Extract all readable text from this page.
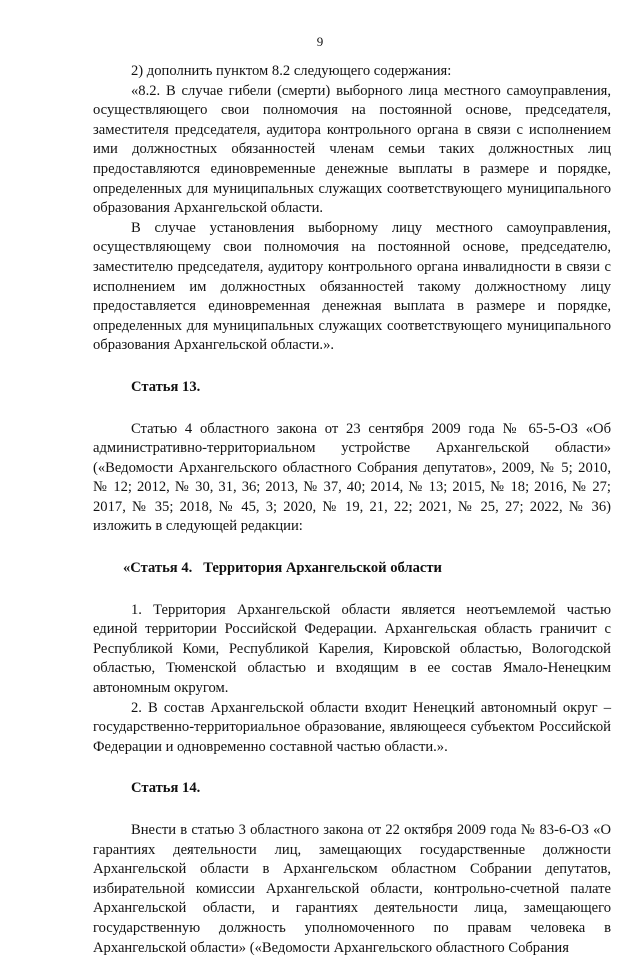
9

2) дополнить пунктом 8.2 следующего содержания:

«8.2. В случае гибели (смерти) выборного лица местного самоуправления, осуществляющего свои полномочия на постоянной основе, председателя, заместителя председателя, аудитора контрольного органа в связи с исполнением ими должностных обязанностей членам семьи таких должностных лиц предоставляются единовременные денежные выплаты в размере и порядке, определенных для муниципальных служащих соответствующего муниципального образования Архангельской области.

В случае установления выборному лицу местного самоуправления, осуществляющему свои полномочия на постоянной основе, председателю, заместителю председателя, аудитору контрольного органа инвалидности в связи с исполнением им должностных обязанностей такому должностному лицу предоставляется единовременная денежная выплата в размере и порядке, определенных для муниципальных служащих соответствующего муниципального образования Архангельской области.».

Статья 13.

Статью 4 областного закона от 23 сентября 2009 года № 65-5-ОЗ «Об административно-территориальном устройстве Архангельской области» («Ведомости Архангельского областного Собрания депутатов», 2009, № 5; 2010, № 12; 2012, № 30, 31, 36; 2013, № 37, 40; 2014, № 13; 2015, № 18; 2016, № 27; 2017, № 35; 2018, № 45, 3; 2020, № 19, 21, 22; 2021, № 25, 27; 2022, № 36) изложить в следующей редакции:

«Статья 4.   Территория Архангельской области

1. Территория Архангельской области является неотъемлемой частью единой территории Российской Федерации. Архангельская область граничит с Республикой Коми, Республикой Карелия, Кировской областью, Вологодской областью, Тюменской областью и входящим в ее состав Ямало-Ненецким автономным округом.

2. В состав Архангельской области входит Ненецкий автономный округ – государственно-территориальное образование, являющееся субъектом Российской Федерации и одновременно составной частью области.».

Статья 14.

Внести в статью 3 областного закона от 22 октября 2009 года № 83-6-ОЗ «О гарантиях деятельности лиц, замещающих государственные должности Архангельской области в Архангельском областном Собрании депутатов, избирательной комиссии Архангельской области, контрольно-счетной палате Архангельской области, и гарантиях деятельности лица, замещающего государственную должность уполномоченного по правам человека в Архангельской области» («Ведомости Архангельского областного Собрания
